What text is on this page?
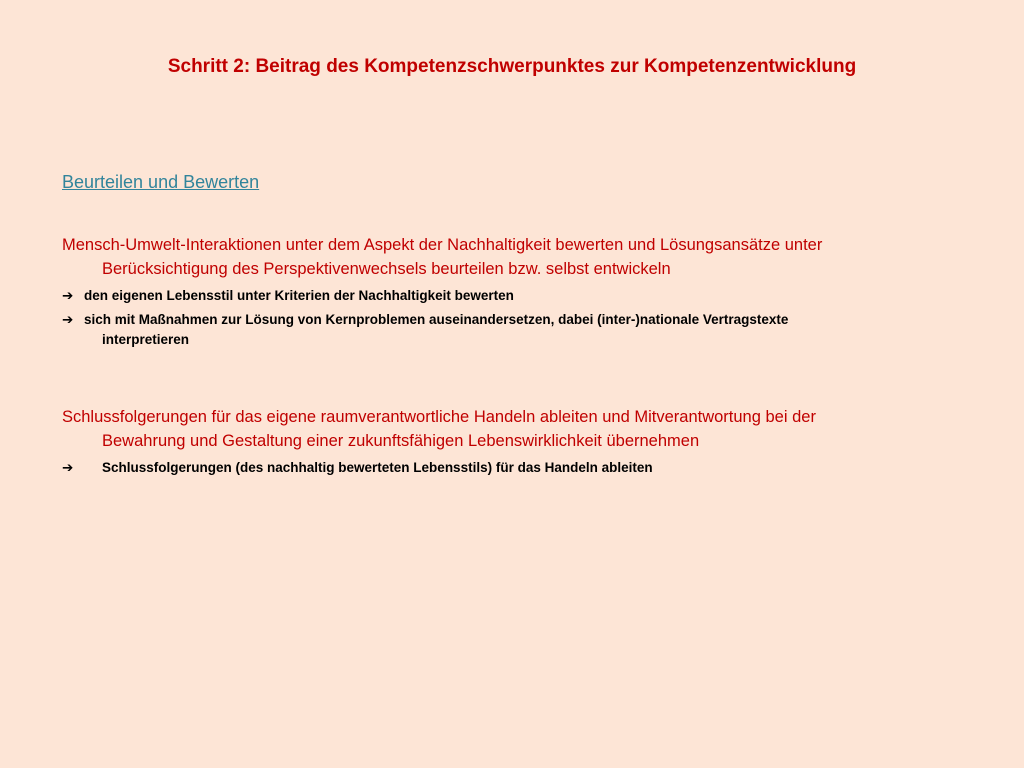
Schritt 2: Beitrag des Kompetenzschwerpunktes zur Kompetenzentwicklung
Beurteilen und Bewerten
Mensch-Umwelt-Interaktionen unter dem Aspekt der Nachhaltigkeit bewerten und Lösungsansätze unter
Berücksichtigung des Perspektivenwechsels beurteilen bzw. selbst entwickeln
➔ den eigenen Lebensstil unter Kriterien der Nachhaltigkeit bewerten
➔ sich mit Maßnahmen zur Lösung von Kernproblemen auseinandersetzen, dabei (inter-)nationale Vertragstexte
interpretieren
Schlussfolgerungen für das eigene raumverantwortliche Handeln ableiten und Mitverantwortung bei der
Bewahrung und Gestaltung einer zukunftsfähigen Lebenswirklichkeit übernehmen
➔ Schlussfolgerungen (des nachhaltig bewerteten Lebensstils) für das Handeln ableiten
